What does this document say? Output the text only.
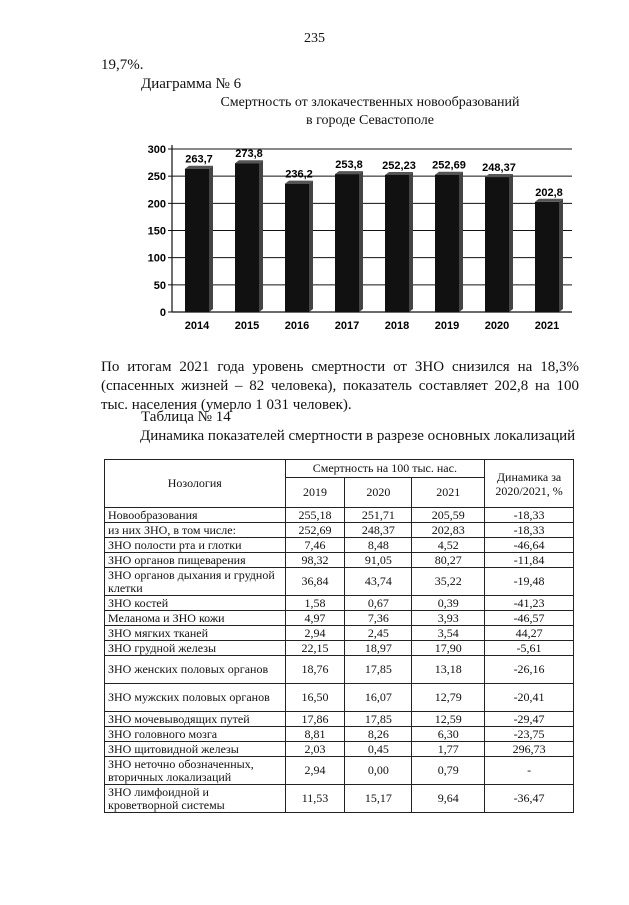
235
19,7%.
Диаграмма № 6
Смертность от злокачественных новообразований
в городе Севастополе
0
50
100
150
200
250
300
263,7
2014
273,8
2015
236,2
2016
253,8
2017
252,23
2018
252,69
2019
248,37
2020
202,8
2021
По итогам 2021 года уровень смертности от ЗНО снизился на 18,3% (спасенных жизней – 82 человека), показатель составляет 202,8 на 100 тыс. населения (умерло 1 031 человек).
Таблица № 14
Динамика показателей смертности в разрезе основных локализаций
Нозология	Смертность на 100 тыс. нас.			Динамика за 2020/2021, %
	2019	2020	2021	
Новообразования	255,18	251,71	205,59	-18,33
из них ЗНО, в том числе:	252,69	248,37	202,83	-18,33
ЗНО полости рта и глотки	7,46	8,48	4,52	-46,64
ЗНО органов пищеварения	98,32	91,05	80,27	-11,84
ЗНО органов дыхания и грудной клетки	36,84	43,74	35,22	-19,48
ЗНО костей	1,58	0,67	0,39	-41,23
Меланома и ЗНО кожи	4,97	7,36	3,93	-46,57
ЗНО мягких тканей	2,94	2,45	3,54	44,27
ЗНО грудной железы	22,15	18,97	17,90	-5,61
ЗНО женских половых органов	18,76	17,85	13,18	-26,16
ЗНО мужских половых органов	16,50	16,07	12,79	-20,41
ЗНО мочевыводящих путей	17,86	17,85	12,59	-29,47
ЗНО головного мозга	8,81	8,26	6,30	-23,75
ЗНО щитовидной железы	2,03	0,45	1,77	296,73
ЗНО неточно обозначенных, вторичных локализаций	2,94	0,00	0,79	-
ЗНО лимфоидной и кроветворной системы	11,53	15,17	9,64	-36,47
